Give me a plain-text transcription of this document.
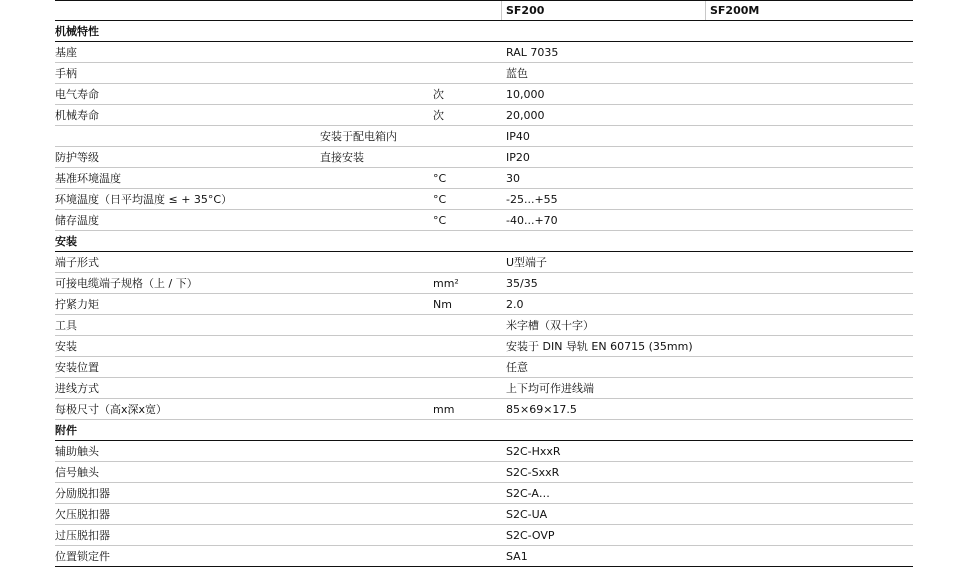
SF200	SF200M
机械特性
基座	RAL 7035
手柄	蓝色
电气寿命	次	10,000
机械寿命	次	20,000
安装于配电箱内	IP40
防护等级	直接安装	IP20
基准环境温度	°C	30
环境温度（日平均温度 ≤ + 35°C）	°C	-25...+55
储存温度	°C	-40...+70
安装
端子形式	U型端子
可接电缆端子规格（上 / 下）	mm²	35/35
拧紧力矩	Nm	2.0
工具	米字槽（双十字）
安装	安装于 DIN 导轨 EN 60715 (35mm)
安装位置	任意
进线方式	上下均可作进线端
每极尺寸（高x深x宽）	mm	85×69×17.5
附件
辅助触头	S2C-HxxR
信号触头	S2C-SxxR
分励脱扣器	S2C-A…
欠压脱扣器	S2C-UA
过压脱扣器	S2C-OVP
位置锁定件	SA1
